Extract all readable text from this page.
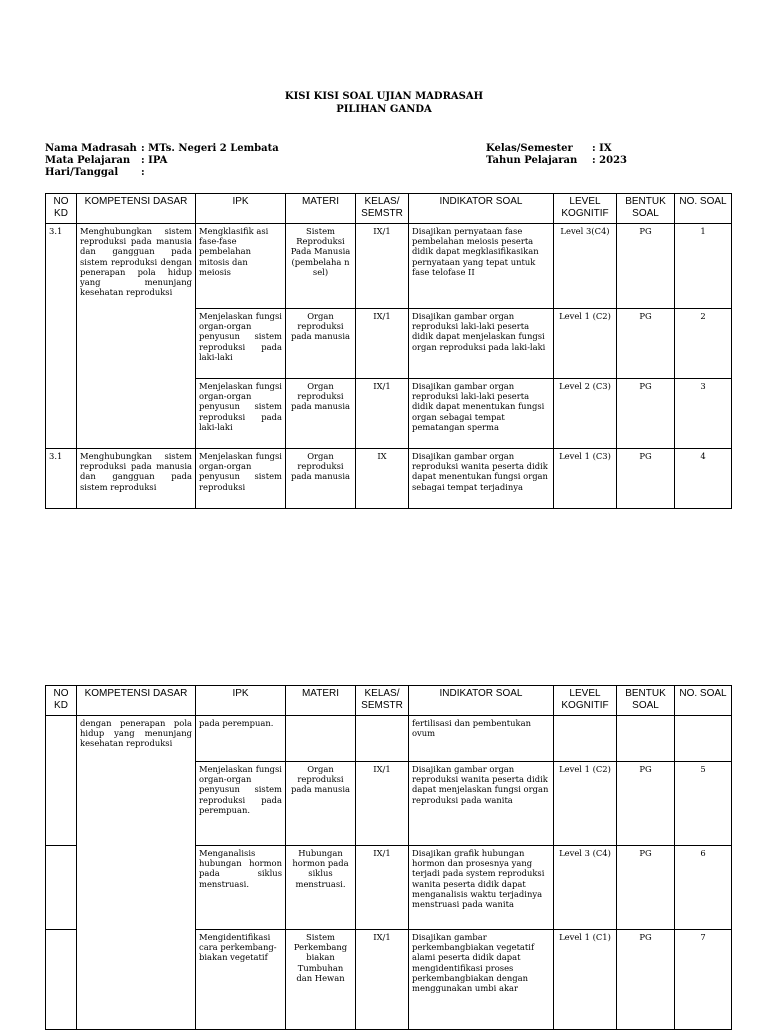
KISI KISI SOAL UJIAN MADRASAH
PILIHAN GANDA
Nama Madrasah : MTs. Negeri 2 Lembata
Mata Pelajaran : IPA
Hari/Tanggal :
Kelas/Semester : IX
Tahun Pelajaran : 2023
NO KD	KOMPETENSI DASAR	IPK	MATERI	KELAS/ SEMSTR	INDIKATOR SOAL	LEVEL KOGNITIF	BENTUK SOAL	NO. SOAL
3.1	Menghubungkan sistem reproduksi pada manusia dan gangguan pada sistem reproduksi dengan penerapan pola hidup yang menunjang kesehatan reproduksi	Mengklasifik asi fase-fase pembelahan mitosis dan meiosis	Sistem Reproduksi Pada Manusia (pembelaha n sel)	IX/1	Disajikan pernyataan fase pembelahan meiosis peserta didik dapat megklasifikasikan pernyataan yang tepat untuk fase telofase II	Level 3(C4)	PG	1
		Menjelaskan fungsi organ-organ penyusun sistem reproduksi pada laki-laki	Organ reproduksi pada manusia	IX/1	Disajikan gambar organ reproduksi laki-laki peserta didik dapat menjelaskan fungsi organ reproduksi pada laki-laki	Level 1 (C2)	PG	2
		Menjelaskan fungsi organ-organ penyusun sistem reproduksi pada laki-laki	Organ reproduksi pada manusia	IX/1	Disajikan gambar organ reproduksi laki-laki peserta didik dapat menentukan fungsi organ sebagai tempat pematangan sperma	Level 2 (C3)	PG	3
3.1	Menghubungkan sistem reproduksi pada manusia dan gangguan pada sistem reproduksi	Menjelaskan fungsi organ-organ penyusun sistem reproduksi	Organ reproduksi pada manusia	IX	Disajikan gambar organ reproduksi wanita peserta didik dapat menentukan fungsi organ sebagai tempat terjadinya	Level 1 (C3)	PG	4
NO KD	KOMPETENSI DASAR	IPK	MATERI	KELAS/ SEMSTR	INDIKATOR SOAL	LEVEL KOGNITIF	BENTUK SOAL	NO. SOAL
	dengan penerapan pola hidup yang menunjang kesehatan reproduksi	pada perempuan.			fertilisasi dan pembentukan ovum			
		Menjelaskan fungsi organ-organ penyusun sistem reproduksi pada perempuan.	Organ reproduksi pada manusia	IX/1	Disajikan gambar organ reproduksi wanita peserta didik dapat menjelaskan fungsi organ reproduksi pada wanita	Level 1 (C2)	PG	5
		Menganalisis hubungan hormon pada siklus menstruasi.	Hubungan hormon pada siklus menstruasi.	IX/1	Disajikan grafik hubungan hormon dan prosesnya yang terjadi pada system reproduksi wanita peserta didik dapat menganalisis waktu terjadinya menstruasi pada wanita	Level 3 (C4)	PG	6
		Mengidentifikasi cara perkembang-biakan vegetatif	Sistem Perkembang biakan Tumbuhan dan Hewan	IX/1	Disajikan gambar perkembangbiakan vegetatif alami peserta didik dapat mengidentifikasi proses perkembangbiakan dengan menggunakan umbi akar	Level 1 (C1)	PG	7
